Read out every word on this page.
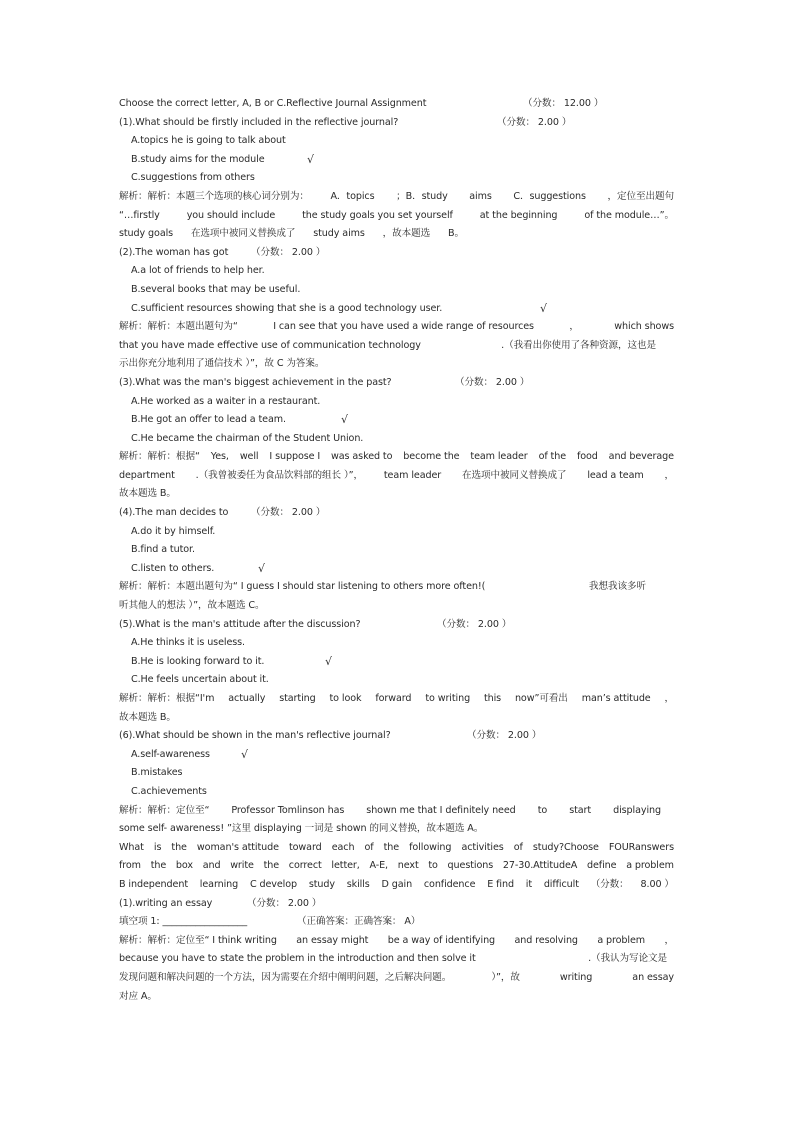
Choose the correct letter, A, B or C.Reflective Journal Assignment	（分数： 12.00 ）
(1).What should be firstly included in the reflective journal?	（分数： 2.00 ）
A.topics he is going to talk about
B.study aims for the module	√
C.suggestions from others
解析：解析：本题三个选项的核心词分别为： A．topics ；B．study aims C．suggestions ，定位至出题句
“…firstly	you should include	the study goals you set yourself	at the beginning	of the module…”。
study goals 在选项中被同义替换成了 study aims ，故本题选 B。
(2).The woman has got （分数： 2.00 ）
A.a lot of friends to help her.
B.several books that may be useful.
C.sufficient resources showing that she is a good technology user.	√
解析：解析：本题出题句为“	I can see that you have used a wide range of resources	，	which shows
that you have made effective use of communication technology	.（我看出你使用了各种资源，这也是
示出你充分地利用了通信技术 ）”，故 C 为答案。
(3).What was the man's biggest achievement in the past?	（分数： 2.00 ）
A.He worked as a waiter in a restaurant.
B.He got an offer to lead a team.	√
C.He became the chairman of the Student Union.
解析：解析：根据“ Yes, well I suppose I was asked to become the team leader of the food and beverage
department .（我曾被委任为食品饮料部的组长 ）”， team leader 在选项中被同义替换成了 lead a team ，
故本题选 B。
(4).The man decides to （分数： 2.00 ）
A.do it by himself.
B.find a tutor.
C.listen to others.	√
解析：解析：本题出题句为“ I guess I should star listening to others more often!(	我想我该多听
听其他人的想法 ）”，故本题选 C。
(5).What is the man's attitude after the discussion?	（分数： 2.00 ）
A.He thinks it is useless.
B.He is looking forward to it.	√
C.He feels uncertain about it.
解析：解析：根据“I'm actually starting to look forward to writing this now”可看出 man’s attitude ，
故本题选 B。
(6).What should be shown in the man's reflective journal?	（分数： 2.00 ）
A.self-awareness	√
B.mistakes
C.achievements
解析：解析：定位至“ Professor Tomlinson has shown me that I definitely need to start displaying
some self- awareness! ”这里 displaying 一词是 shown 的同义替换，故本题选 A。
What is the woman's attitude toward each of the following activities of study?Choose FOURanswers
from the box and write the correct letter, A-E, next to questions 27-30.AttitudeA define a problem
B independent learning C develop study skills D gain confidence E find it difficult （分数： 8.00 ）
(1).writing an essay	（分数： 2.00 ）
填空项 1: __________________	（正确答案：正确答案： A）
解析：解析：定位至“ I think writing an essay might be a way of identifying and resolving a problem ，
because you have to state the problem in the introduction and then solve it	.（我认为写论文是
发现问题和解决问题的一个方法，因为需要在介绍中阐明问题，之后解决问题。	）”，故	writing	an essay
对应 A。
